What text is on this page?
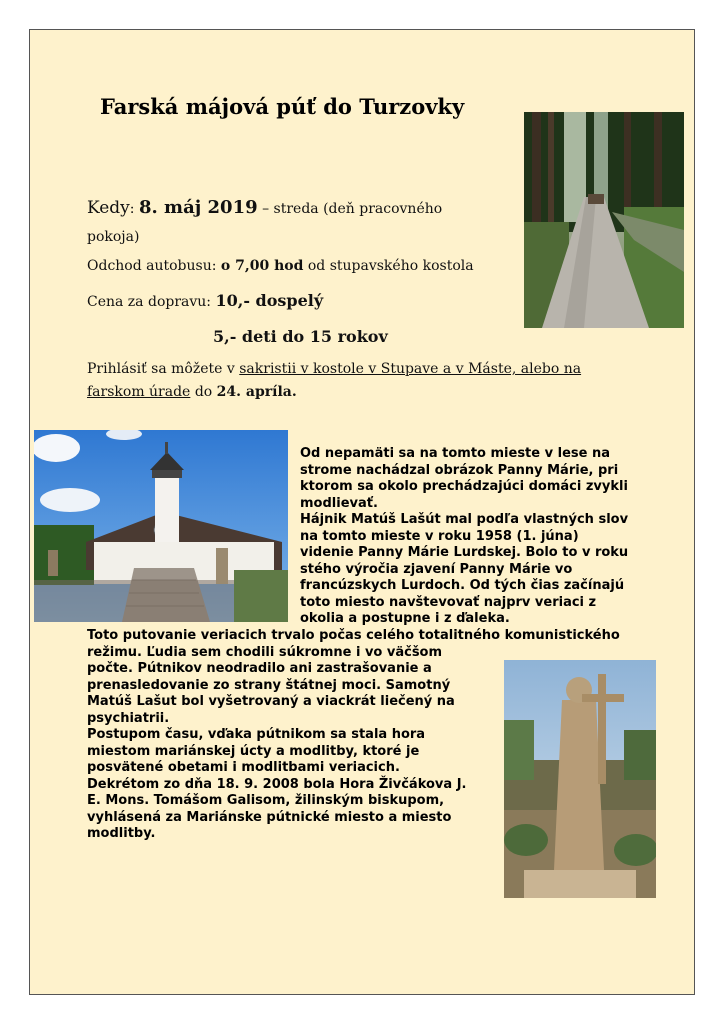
Farská májová púť do Turzovky
Kedy: 8. máj 2019 – streda (deň pracovného
pokoja)
Odchod autobusu: o 7,00 hod od stupavského kostola
Cena za dopravu: 10,- dospelý
5,- deti do 15 rokov
Prihlásiť sa môžete v sakristii v kostole v Stupave a v Máste, alebo na
farskom úrade do 24. apríla.

Od nepamäti sa na tomto mieste v lese na
strome nachádzal obrázok Panny Márie, pri
ktorom sa okolo prechádzajúci domáci zvykli
modlievať.

Hájnik Matúš Lašút mal podľa vlastných slov
na tomto mieste v roku 1958 (1. júna)
videnie Panny Márie Lurdskej. Bolo to v roku
stého výročia zjavení Panny Márie vo
francúzskych Lurdoch. Od tých čias začínajú
toto miesto navštevovať najprv veriaci z
okolia a postupne i z ďaleka.

Toto putovanie veriacich trvalo počas celého totalitného komunistického
režimu. Ľudia sem chodili súkromne i vo väčšom
počte. Pútnikov neodradilo ani zastrašovanie a
prenasledovanie zo strany štátnej moci. Samotný
Matúš Lašut bol vyšetrovaný a viackrát liečený na
psychiatrii.

Postupom času, vďaka pútnikom sa stala hora
miestom mariánskej úcty a modlitby, ktoré je
posvätené obetami i modlitbami veriacich.

Dekrétom zo dňa 18. 9. 2008 bola Hora Živčákova J.
E. Mons. Tomášom Galisom, žilinským biskupom,
vyhlásená za Mariánske pútnické miesto a miesto
modlitby.
